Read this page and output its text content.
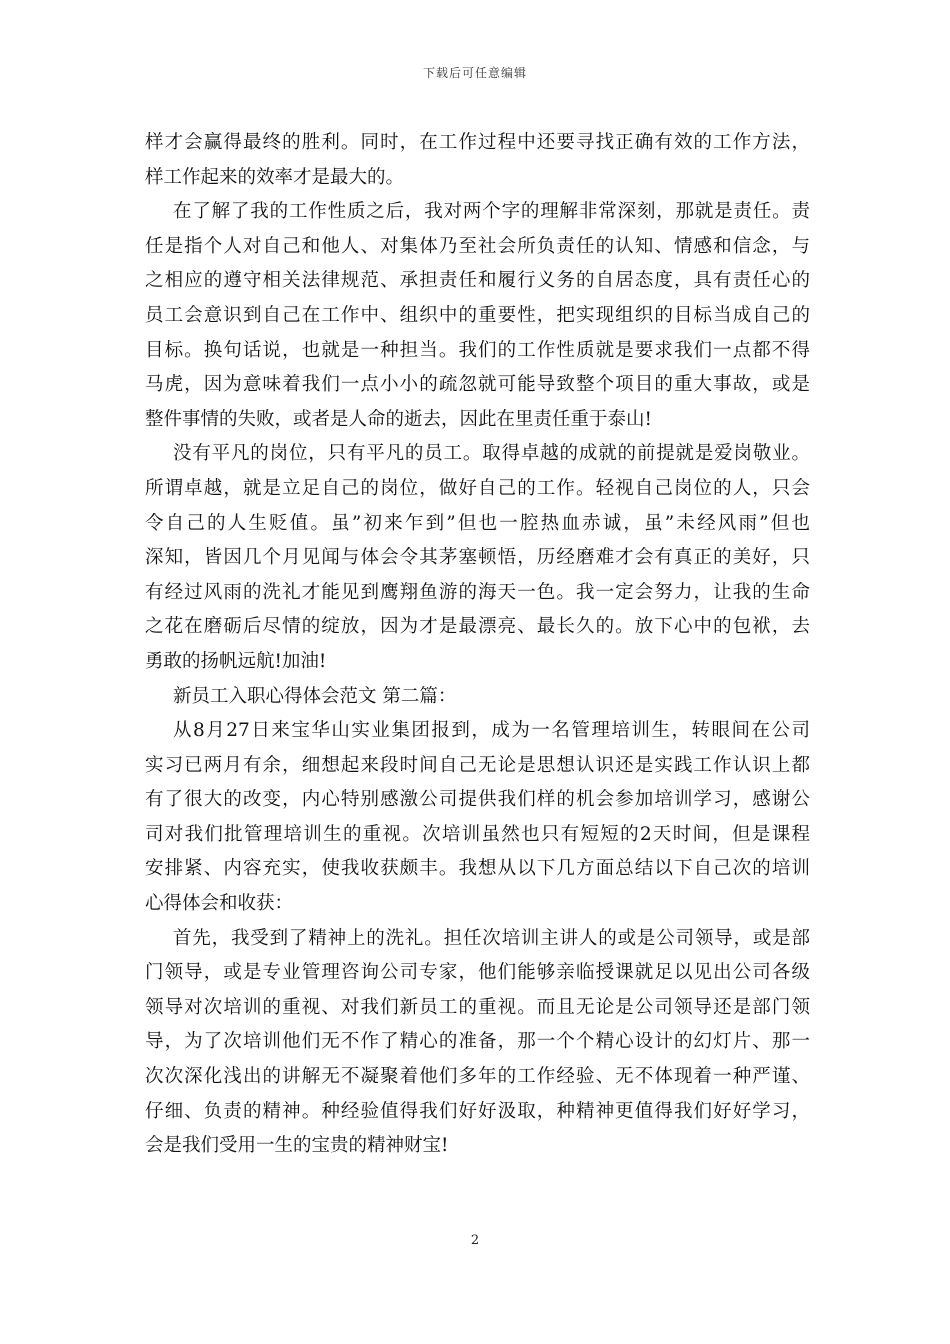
下载后可任意编辑
样才会赢得最终的胜利。同时，在工作过程中还要寻找正确有效的工作方法，
样工作起来的效率才是最大的。
在了解了我的工作性质之后，我对两个字的理解非常深刻，那就是责任。责
任是指个人对自己和他人、对集体乃至社会所负责任的认知、情感和信念，与
之相应的遵守相关法律规范、承担责任和履行义务的自居态度，具有责任心的
员工会意识到自己在工作中、组织中的重要性，把实现组织的目标当成自己的
目标。换句话说，也就是一种担当。我们的工作性质就是要求我们一点都不得
马虎，因为意味着我们一点小小的疏忽就可能导致整个项目的重大事故，或是
整件事情的失败，或者是人命的逝去，因此在里责任重于泰山!
没有平凡的岗位，只有平凡的员工。取得卓越的成就的前提就是爱岗敬业。
所谓卓越，就是立足自己的岗位，做好自己的工作。轻视自己岗位的人，只会
令自己的人生贬值。虽”初来乍到”但也一腔热血赤诚，虽”未经风雨”但也
深知，皆因几个月见闻与体会令其茅塞顿悟，历经磨难才会有真正的美好，只
有经过风雨的洗礼才能见到鹰翔鱼游的海天一色。我一定会努力，让我的生命
之花在磨砺后尽情的绽放，因为才是最漂亮、最长久的。放下心中的包袱，去
勇敢的扬帆远航!加油!
新员工入职心得体会范文 第二篇：
从8月27日来宝华山实业集团报到，成为一名管理培训生，转眼间在公司
实习已两月有余，细想起来段时间自己无论是思想认识还是实践工作认识上都
有了很大的改变，内心特别感激公司提供我们样的机会参加培训学习，感谢公
司对我们批管理培训生的重视。次培训虽然也只有短短的2天时间，但是课程
安排紧、内容充实，使我收获颇丰。我想从以下几方面总结以下自己次的培训
心得体会和收获：
首先，我受到了精神上的洗礼。担任次培训主讲人的或是公司领导，或是部
门领导，或是专业管理咨询公司专家，他们能够亲临授课就足以见出公司各级
领导对次培训的重视、对我们新员工的重视。而且无论是公司领导还是部门领
导，为了次培训他们无不作了精心的准备，那一个个精心设计的幻灯片、那一
次次深化浅出的讲解无不凝聚着他们多年的工作经验、无不体现着一种严谨、
仔细、负责的精神。种经验值得我们好好汲取，种精神更值得我们好好学习，
会是我们受用一生的宝贵的精神财宝!
2
